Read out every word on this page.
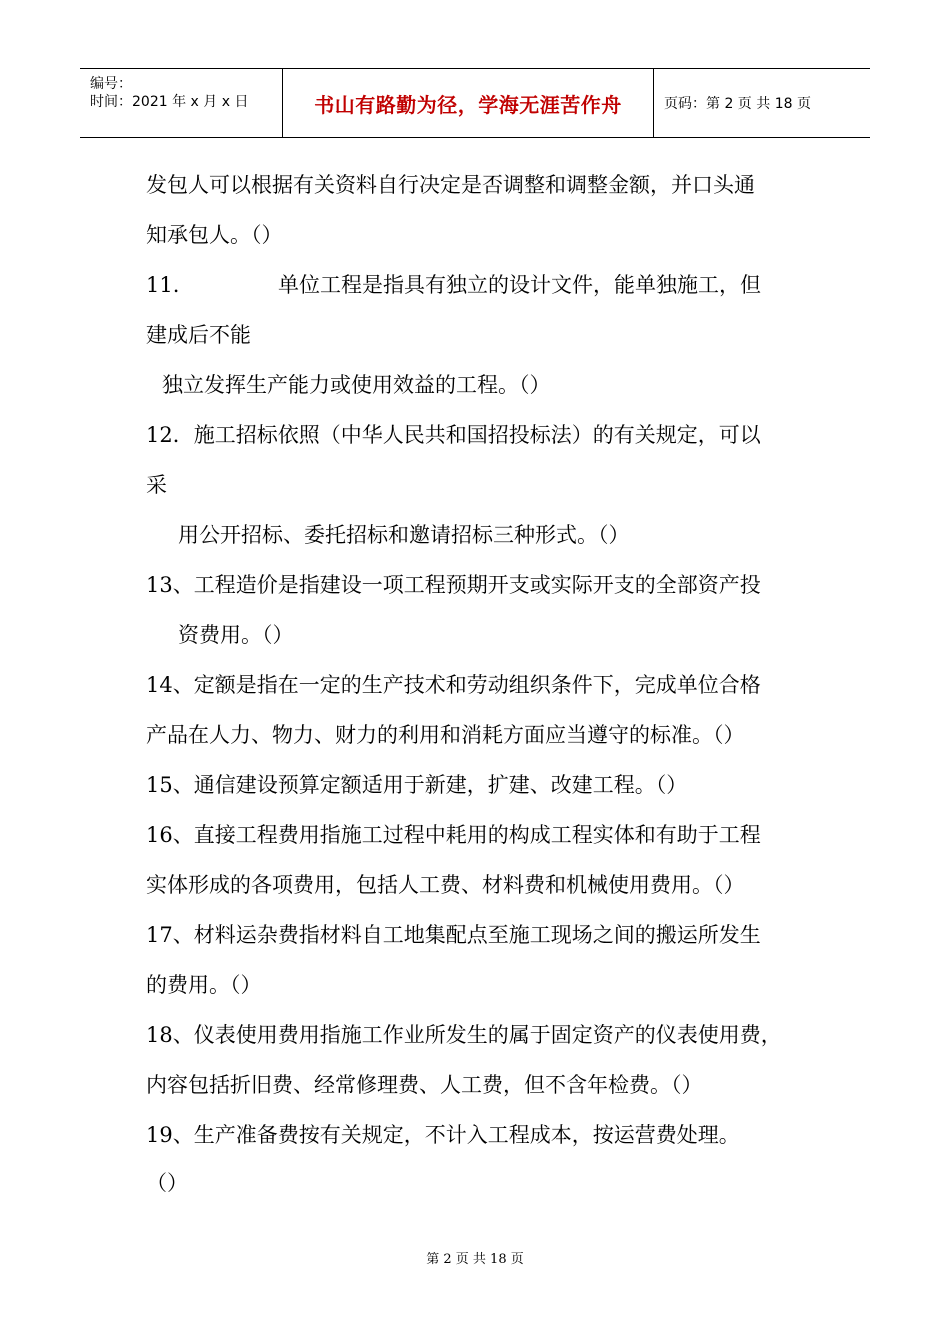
编号：
时间：2021 年 x 月 x 日	书山有路勤为径，学海无涯苦作舟	页码：第 2 页 共 18 页
发包人可以根据有关资料自行决定是否调整和调整金额，并口头通
知承包人。（）
11.	单位工程是指具有独立的设计文件，能单独施工，但
建成后不能
独立发挥生产能力或使用效益的工程。（）
12．施工招标依照（中华人民共和国招投标法）的有关规定，可以
采
用公开招标、委托招标和邀请招标三种形式。（）
13、工程造价是指建设一项工程预期开支或实际开支的全部资产投
资费用。（）
14、定额是指在一定的生产技术和劳动组织条件下，完成单位合格
产品在人力、物力、财力的利用和消耗方面应当遵守的标准。（）
15、通信建设预算定额适用于新建，扩建、改建工程。（）
16、直接工程费用指施工过程中耗用的构成工程实体和有助于工程
实体形成的各项费用，包括人工费、材料费和机械使用费用。（）
17、材料运杂费指材料自工地集配点至施工现场之间的搬运所发生
的费用。（）
18、仪表使用费用指施工作业所发生的属于固定资产的仪表使用费，
内容包括折旧费、经常修理费、人工费，但不含年检费。（）
19、生产准备费按有关规定，不计入工程成本，按运营费处理。
（）
第 2 页 共 18 页
